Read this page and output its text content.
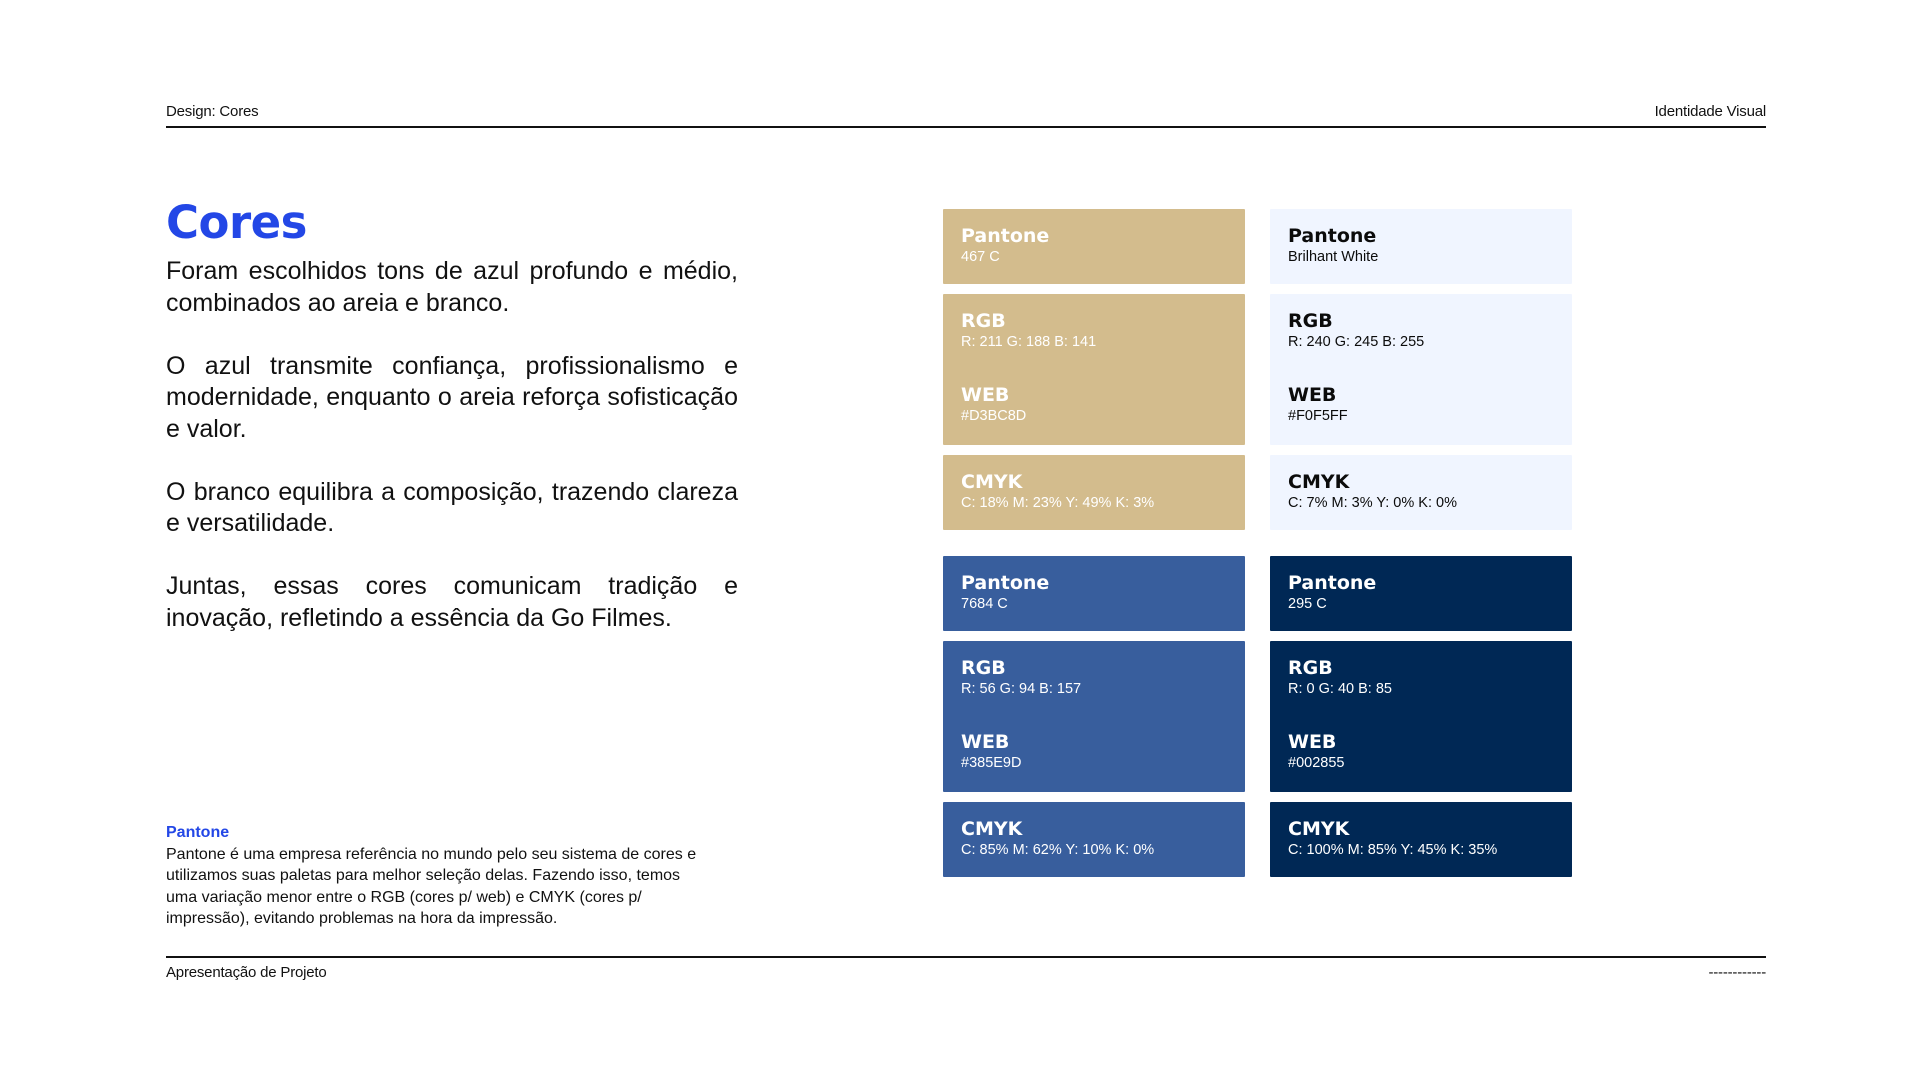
Design: Cores	Identidade Visual
Cores

Foram escolhidos tons de azul profundo e médio, combinados ao areia e branco.

O azul transmite confiança, profissionalismo e modernidade, enquanto o areia reforça sofisticação e valor.

O branco equilibra a composição, trazendo clareza e versatilidade.

Juntas, essas cores comunicam tradição e inovação, refletindo a essência da Go Filmes.

Pantone
Pantone é uma empresa referência no mundo pelo seu sistema de cores e utilizamos suas paletas para melhor seleção delas. Fazendo isso, temos uma variação menor entre o RGB (cores p/ web) e CMYK (cores p/ impressão), evitando problemas na hora da impressão.
Pantone
467 C
RGB
R: 211 G: 188 B: 141
WEB
#D3BC8D
CMYK
C: 18% M: 23% Y: 49% K: 3%
Pantone
Brilhant White
RGB
R: 240 G: 245 B: 255
WEB
#F0F5FF
CMYK
C: 7% M: 3% Y: 0% K: 0%
Pantone
7684 C
RGB
R: 56 G: 94 B: 157
WEB
#385E9D
CMYK
C: 85% M: 62% Y: 10% K: 0%
Pantone
295 C
RGB
R: 0 G: 40 B: 85
WEB
#002855
CMYK
C: 100% M: 85% Y: 45% K: 35%
Apresentação de Projeto	------------
